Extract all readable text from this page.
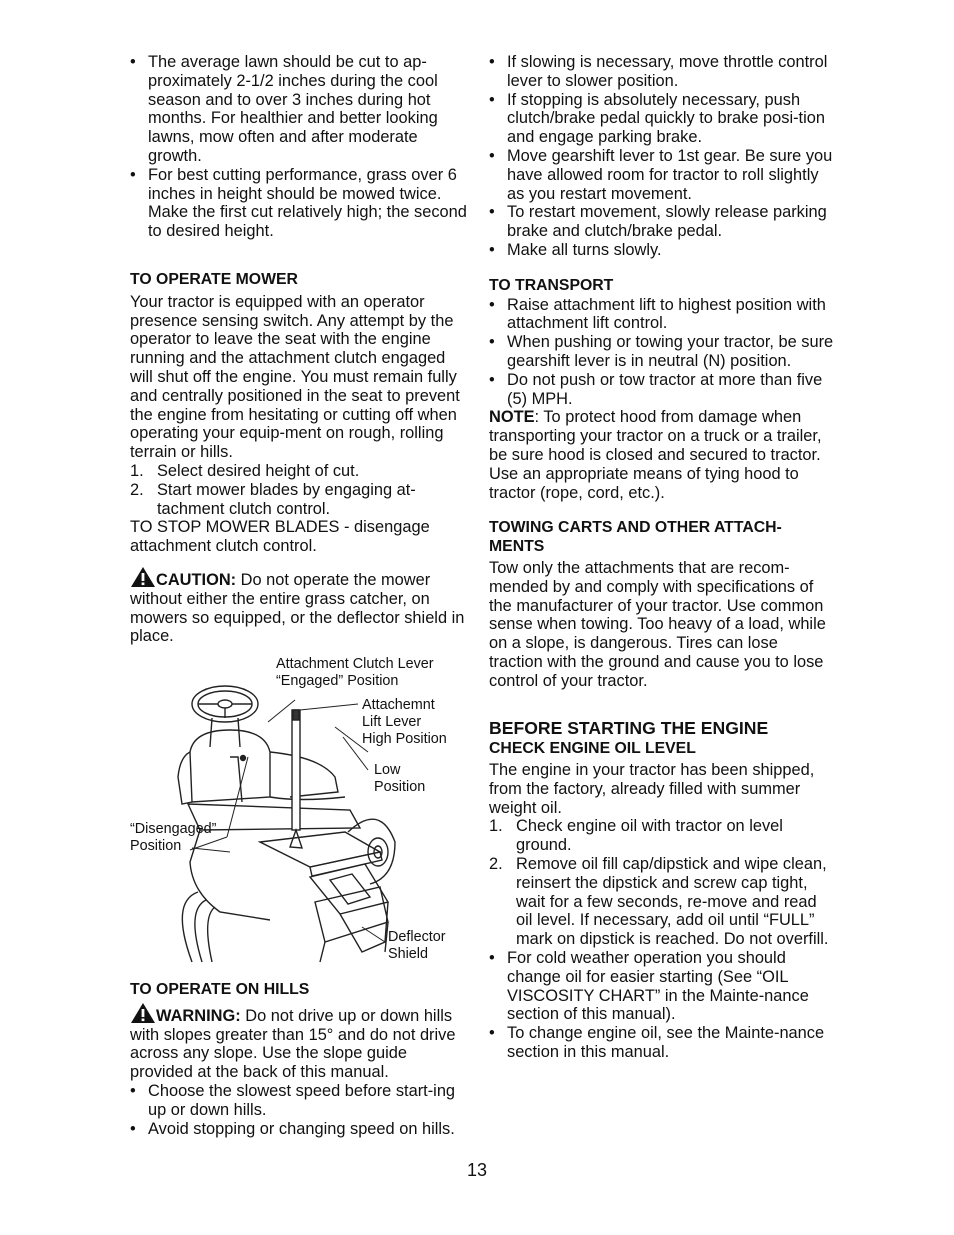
• The average lawn should be cut to ap-proximately 2-1/2 inches during the cool season and to over 3 inches during hot months. For healthier and better looking lawns, mow often and after moderate growth.
• For best cutting performance, grass over 6 inches in height should be mowed twice. Make the first cut relatively high; the second to desired height.

TO OPERATE MOWER

Your tractor is equipped with an operator presence sensing switch. Any attempt by the operator to leave the seat with the engine running and the attachment clutch engaged will shut off the engine. You must remain fully and centrally positioned in the seat to prevent the engine from hesitating or cutting off when operating your equip-ment on rough, rolling terrain or hills.

1. Select desired height of cut.
2. Start mower blades by engaging at-tachment clutch control.

TO STOP MOWER BLADES - disengage attachment clutch control.

CAUTION: Do not operate the mower without either the entire grass catcher, on mowers so equipped, or the deflector shield in place.

Attachment Clutch Lever
“Engaged” Position
Attachemnt
Lift Lever
High Position
Low
Position
“Disengaged”
Position
Deflector
Shield

TO OPERATE ON HILLS

WARNING: Do not drive up or down hills with slopes greater than 15° and do not drive across any slope. Use the slope guide provided at the back of this manual.

• Choose the slowest speed before start-ing up or down hills.
• Avoid stopping or changing speed on hills.
• If slowing is necessary, move throttle control lever to slower position.
• If stopping is absolutely necessary, push clutch/brake pedal quickly to brake posi-tion and engage parking brake.
• Move gearshift lever to 1st gear. Be sure you have allowed room for tractor to roll slightly as you restart movement.
• To restart movement, slowly release parking brake and clutch/brake pedal.
• Make all turns slowly.

TO TRANSPORT

• Raise attachment lift to highest position with attachment lift control.
• When pushing or towing your tractor, be sure gearshift lever is in neutral (N) position.
• Do not push or tow tractor at more than five (5) MPH.

NOTE: To protect hood from damage when transporting your tractor on a truck or a trailer, be sure hood is closed and secured to tractor. Use an appropriate means of tying hood to tractor (rope, cord, etc.).

TOWING CARTS AND OTHER ATTACH-MENTS

Tow only the attachments that are recom-mended by and comply with specifications of the manufacturer of your tractor. Use common sense when towing. Too heavy of a load, while on a slope, is dangerous. Tires can lose traction with the ground and cause you to lose control of your tractor.

BEFORE STARTING THE ENGINE

CHECK ENGINE OIL LEVEL

The engine in your tractor has been shipped, from the factory, already filled with summer weight oil.

1. Check engine oil with tractor on level ground.
2. Remove oil fill cap/dipstick and wipe clean, reinsert the dipstick and screw cap tight, wait for a few seconds, re-move and read oil level. If necessary, add oil until “FULL” mark on dipstick is reached. Do not overfill.
• For cold weather operation you should change oil for easier starting (See “OIL VISCOSITY CHART” in the Mainte-nance section of this manual).
• To change engine oil, see the Mainte-nance section in this manual.
13
